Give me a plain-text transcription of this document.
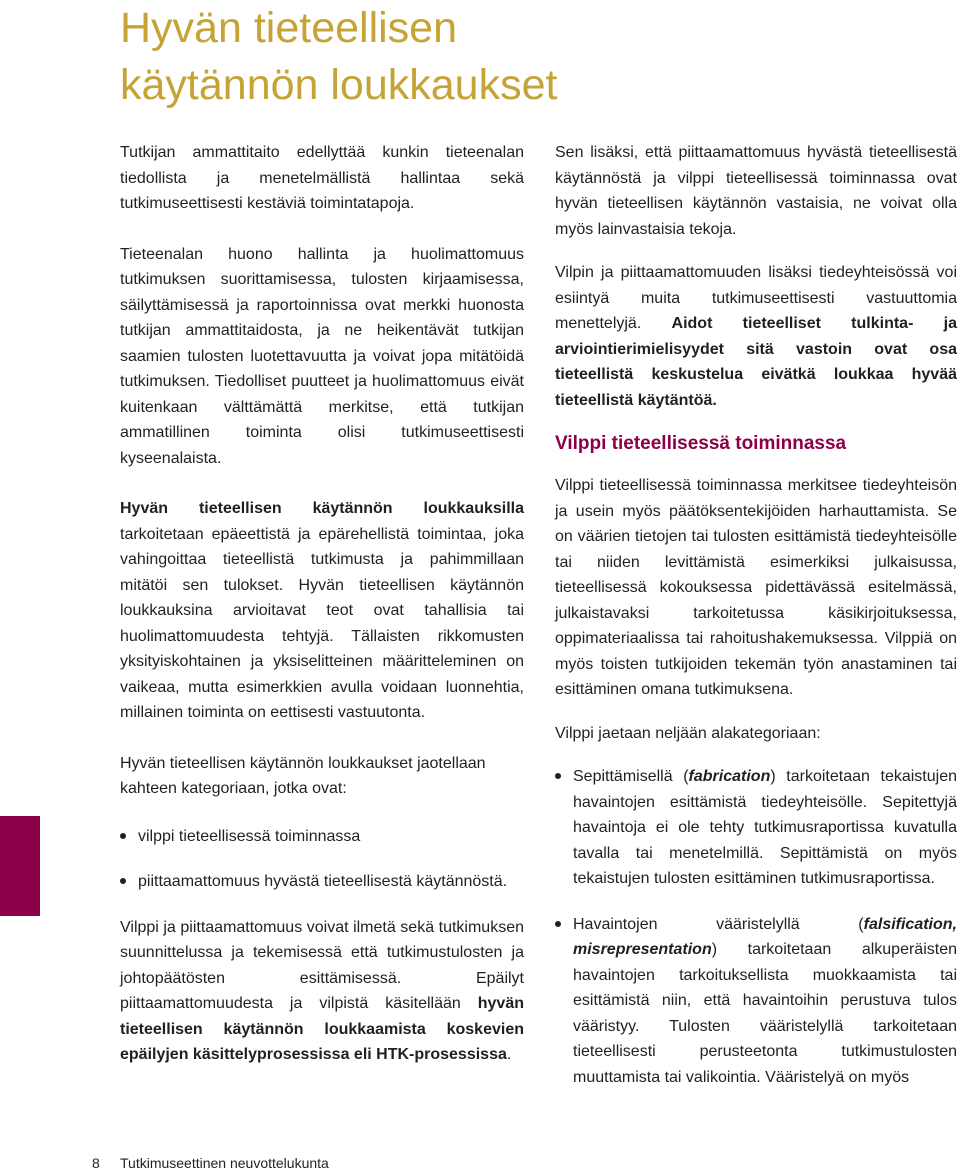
Hyvän tieteellisen
käytännön loukkaukset

Tutkijan ammattitaito edellyttää kunkin tieteenalan tiedollista ja menetelmällistä hallintaa sekä tutkimuseettisesti kestäviä toimintatapoja.

Tieteenalan huono hallinta ja huolimattomuus tutkimuksen suorittamisessa, tulosten kirjaamisessa, säilyttämisessä ja raportoinnissa ovat merkki huonosta tutkijan ammattitaidosta, ja ne heikentävät tutkijan saamien tulosten luotettavuutta ja voivat jopa mitätöidä tutkimuksen. Tiedolliset puutteet ja huolimattomuus eivät kuitenkaan välttämättä merkitse, että tutkijan ammatillinen toiminta olisi tutkimuseettisesti kyseenalaista.

Hyvän tieteellisen käytännön loukkauksilla tarkoitetaan epäeettistä ja epärehellistä toimintaa, joka vahingoittaa tieteellistä tutkimusta ja pahimmillaan mitätöi sen tulokset. Hyvän tieteellisen käytännön loukkauksina arvioitavat teot ovat tahallisia tai huolimattomuudesta tehtyjä. Tällaisten rikkomusten yksityiskohtainen ja yksiselitteinen määritteleminen on vaikeaa, mutta esimerkkien avulla voidaan luonnehtia, millainen toiminta on eettisesti vastuutonta.

Hyvän tieteellisen käytännön loukkaukset jaotellaan kahteen kategoriaan, jotka ovat:

vilppi tieteellisessä toiminnassa
piittaamattomuus hyvästä tieteellisestä käytännöstä.

Vilppi ja piittaamattomuus voivat ilmetä sekä tutkimuksen suunnittelussa ja tekemisessä että tutkimustulosten ja johtopäätösten esittämisessä. Epäilyt piittaamattomuudesta ja vilpistä käsitellään hyvän tieteellisen käytännön loukkaamista koskevien epäilyjen käsittelyprosessissa eli HTK-prosessissa.

Sen lisäksi, että piittaamattomuus hyvästä tieteellisestä käytännöstä ja vilppi tieteellisessä toiminnassa ovat hyvän tieteellisen käytännön vastaisia, ne voivat olla myös lainvastaisia tekoja.

Vilpin ja piittaamattomuuden lisäksi tiedeyhteisössä voi esiintyä muita tutkimuseettisesti vastuuttomia menettelyjä. Aidot tieteelliset tulkinta- ja arviointierimielisyydet sitä vastoin ovat osa tieteellistä keskustelua eivätkä loukkaa hyvää tieteellistä käytäntöä.

Vilppi tieteellisessä toiminnassa

Vilppi tieteellisessä toiminnassa merkitsee tiedeyhteisön ja usein myös päätöksentekijöiden harhauttamista. Se on väärien tietojen tai tulosten esittämistä tiedeyhteisölle tai niiden levittämistä esimerkiksi julkaisussa, tieteellisessä kokouksessa pidettävässä esitelmässä, julkaistavaksi tarkoitetussa käsikirjoituksessa, oppimateriaalissa tai rahoitushakemuksessa. Vilppiä on myös toisten tutkijoiden tekemän työn anastaminen tai esittäminen omana tutkimuksena.

Vilppi jaetaan neljään alakategoriaan:

Sepittämisellä (fabrication) tarkoitetaan tekaistujen havaintojen esittämistä tiedeyhteisölle. Sepitettyjä havaintoja ei ole tehty tutkimusraportissa kuvatulla tavalla tai menetelmillä. Sepittämistä on myös tekaistujen tulosten esittäminen tutkimusraportissa.
Havaintojen vääristelyllä (falsification, misrepresentation) tarkoitetaan alkuperäisten havaintojen tarkoituksellista muokkaamista tai esittämistä niin, että havaintoihin perustuva tulos vääristyy. Tulosten vääristelyllä tarkoitetaan tieteellisesti perusteetonta tutkimustulosten muuttamista tai valikointia. Vääristelyä on myös
8 Tutkimuseettinen neuvottelukunta
